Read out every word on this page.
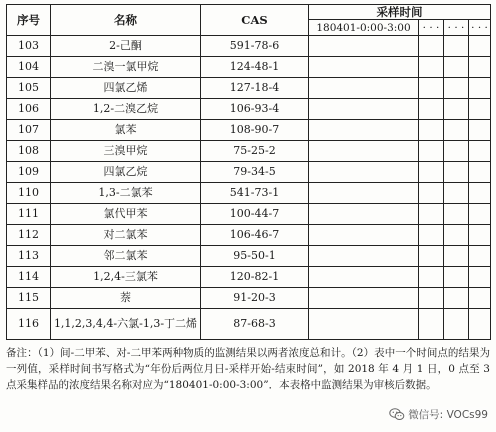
序号	名称	CAS	采样时间			
			180401-0:00-3:00	· · ·	· · ·	· · ·
103	2-己酮	591-78-6				
104	二溴一氯甲烷	124-48-1				
105	四氯乙烯	127-18-4				
106	1,2-二溴乙烷	106-93-4				
107	氯苯	108-90-7				
108	三溴甲烷	75-25-2				
109	四氯乙烷	79-34-5				
110	1,3-二氯苯	541-73-1				
111	氯代甲苯	100-44-7				
112	对二氯苯	106-46-7				
113	邻二氯苯	95-50-1				
114	1,2,4-三氯苯	120-82-1				
115	萘	91-20-3				
116	1,1,2,3,4,4-六氯-1,3-丁二烯	87-68-3				
备注：（1）间-二甲苯、对-二甲苯两种物质的监测结果以两者浓度总和计。（2）表中一个时间点的结果为一列值，采样时间书写格式为“年份后两位月日-采样开始-结束时间”，如 2018 年 4 月 1 日，0 点至 3 点采集样品的浓度结果名称对应为“180401-0:00-3:00”．本表格中监测结果为审核后数据。
微信号: VOCs99
